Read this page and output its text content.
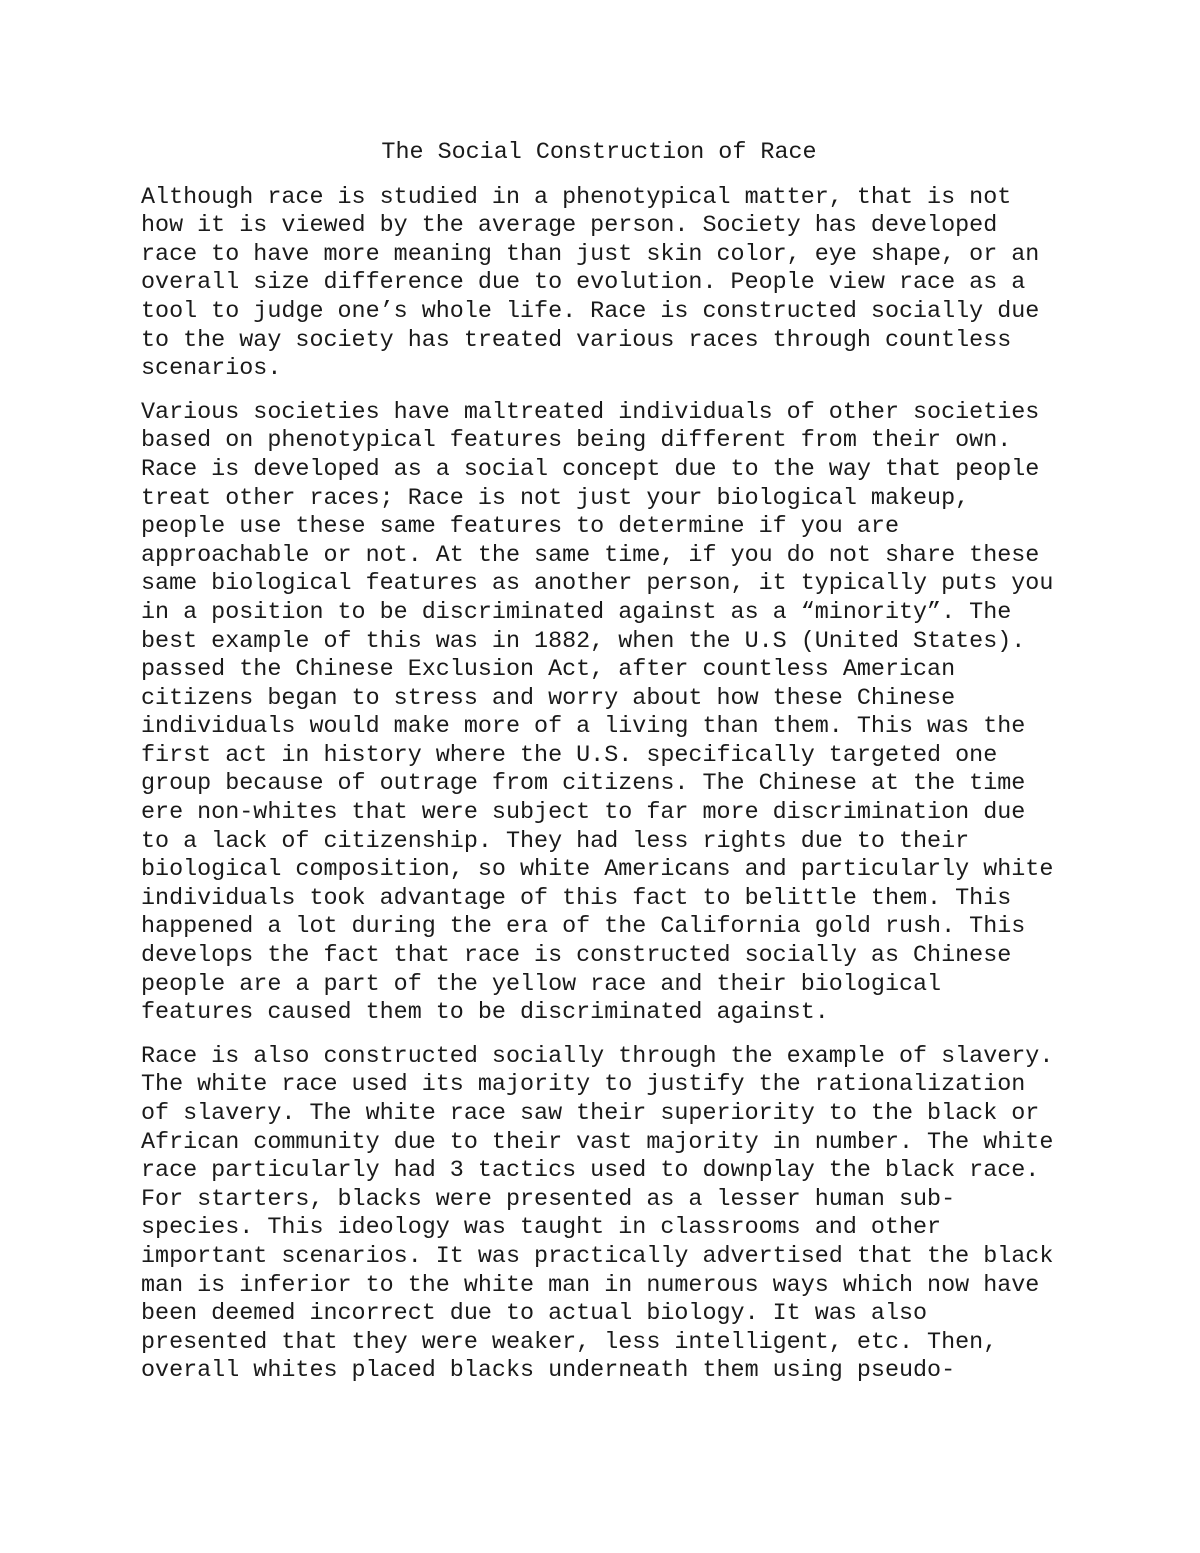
The Social Construction of Race
Although race is studied in a phenotypical matter, that is not
how it is viewed by the average person. Society has developed
race to have more meaning than just skin color, eye shape, or an
overall size difference due to evolution. People view race as a
tool to judge one’s whole life. Race is constructed socially due
to the way society has treated various races through countless
scenarios.
Various societies have maltreated individuals of other societies
based on phenotypical features being different from their own.
Race is developed as a social concept due to the way that people
treat other races; Race is not just your biological makeup,
people use these same features to determine if you are
approachable or not. At the same time, if you do not share these
same biological features as another person, it typically puts you
in a position to be discriminated against as a “minority”. The
best example of this was in 1882, when the U.S (United States).
passed the Chinese Exclusion Act, after countless American
citizens began to stress and worry about how these Chinese
individuals would make more of a living than them. This was the
first act in history where the U.S. specifically targeted one
group because of outrage from citizens. The Chinese at the time
ere non-whites that were subject to far more discrimination due
to a lack of citizenship. They had less rights due to their
biological composition, so white Americans and particularly white
individuals took advantage of this fact to belittle them. This
happened a lot during the era of the California gold rush. This
develops the fact that race is constructed socially as Chinese
people are a part of the yellow race and their biological
features caused them to be discriminated against.
Race is also constructed socially through the example of slavery.
The white race used its majority to justify the rationalization
of slavery. The white race saw their superiority to the black or
African community due to their vast majority in number. The white
race particularly had 3 tactics used to downplay the black race.
For starters, blacks were presented as a lesser human sub-
species. This ideology was taught in classrooms and other
important scenarios. It was practically advertised that the black
man is inferior to the white man in numerous ways which now have
been deemed incorrect due to actual biology. It was also
presented that they were weaker, less intelligent, etc. Then,
overall whites placed blacks underneath them using pseudo-
